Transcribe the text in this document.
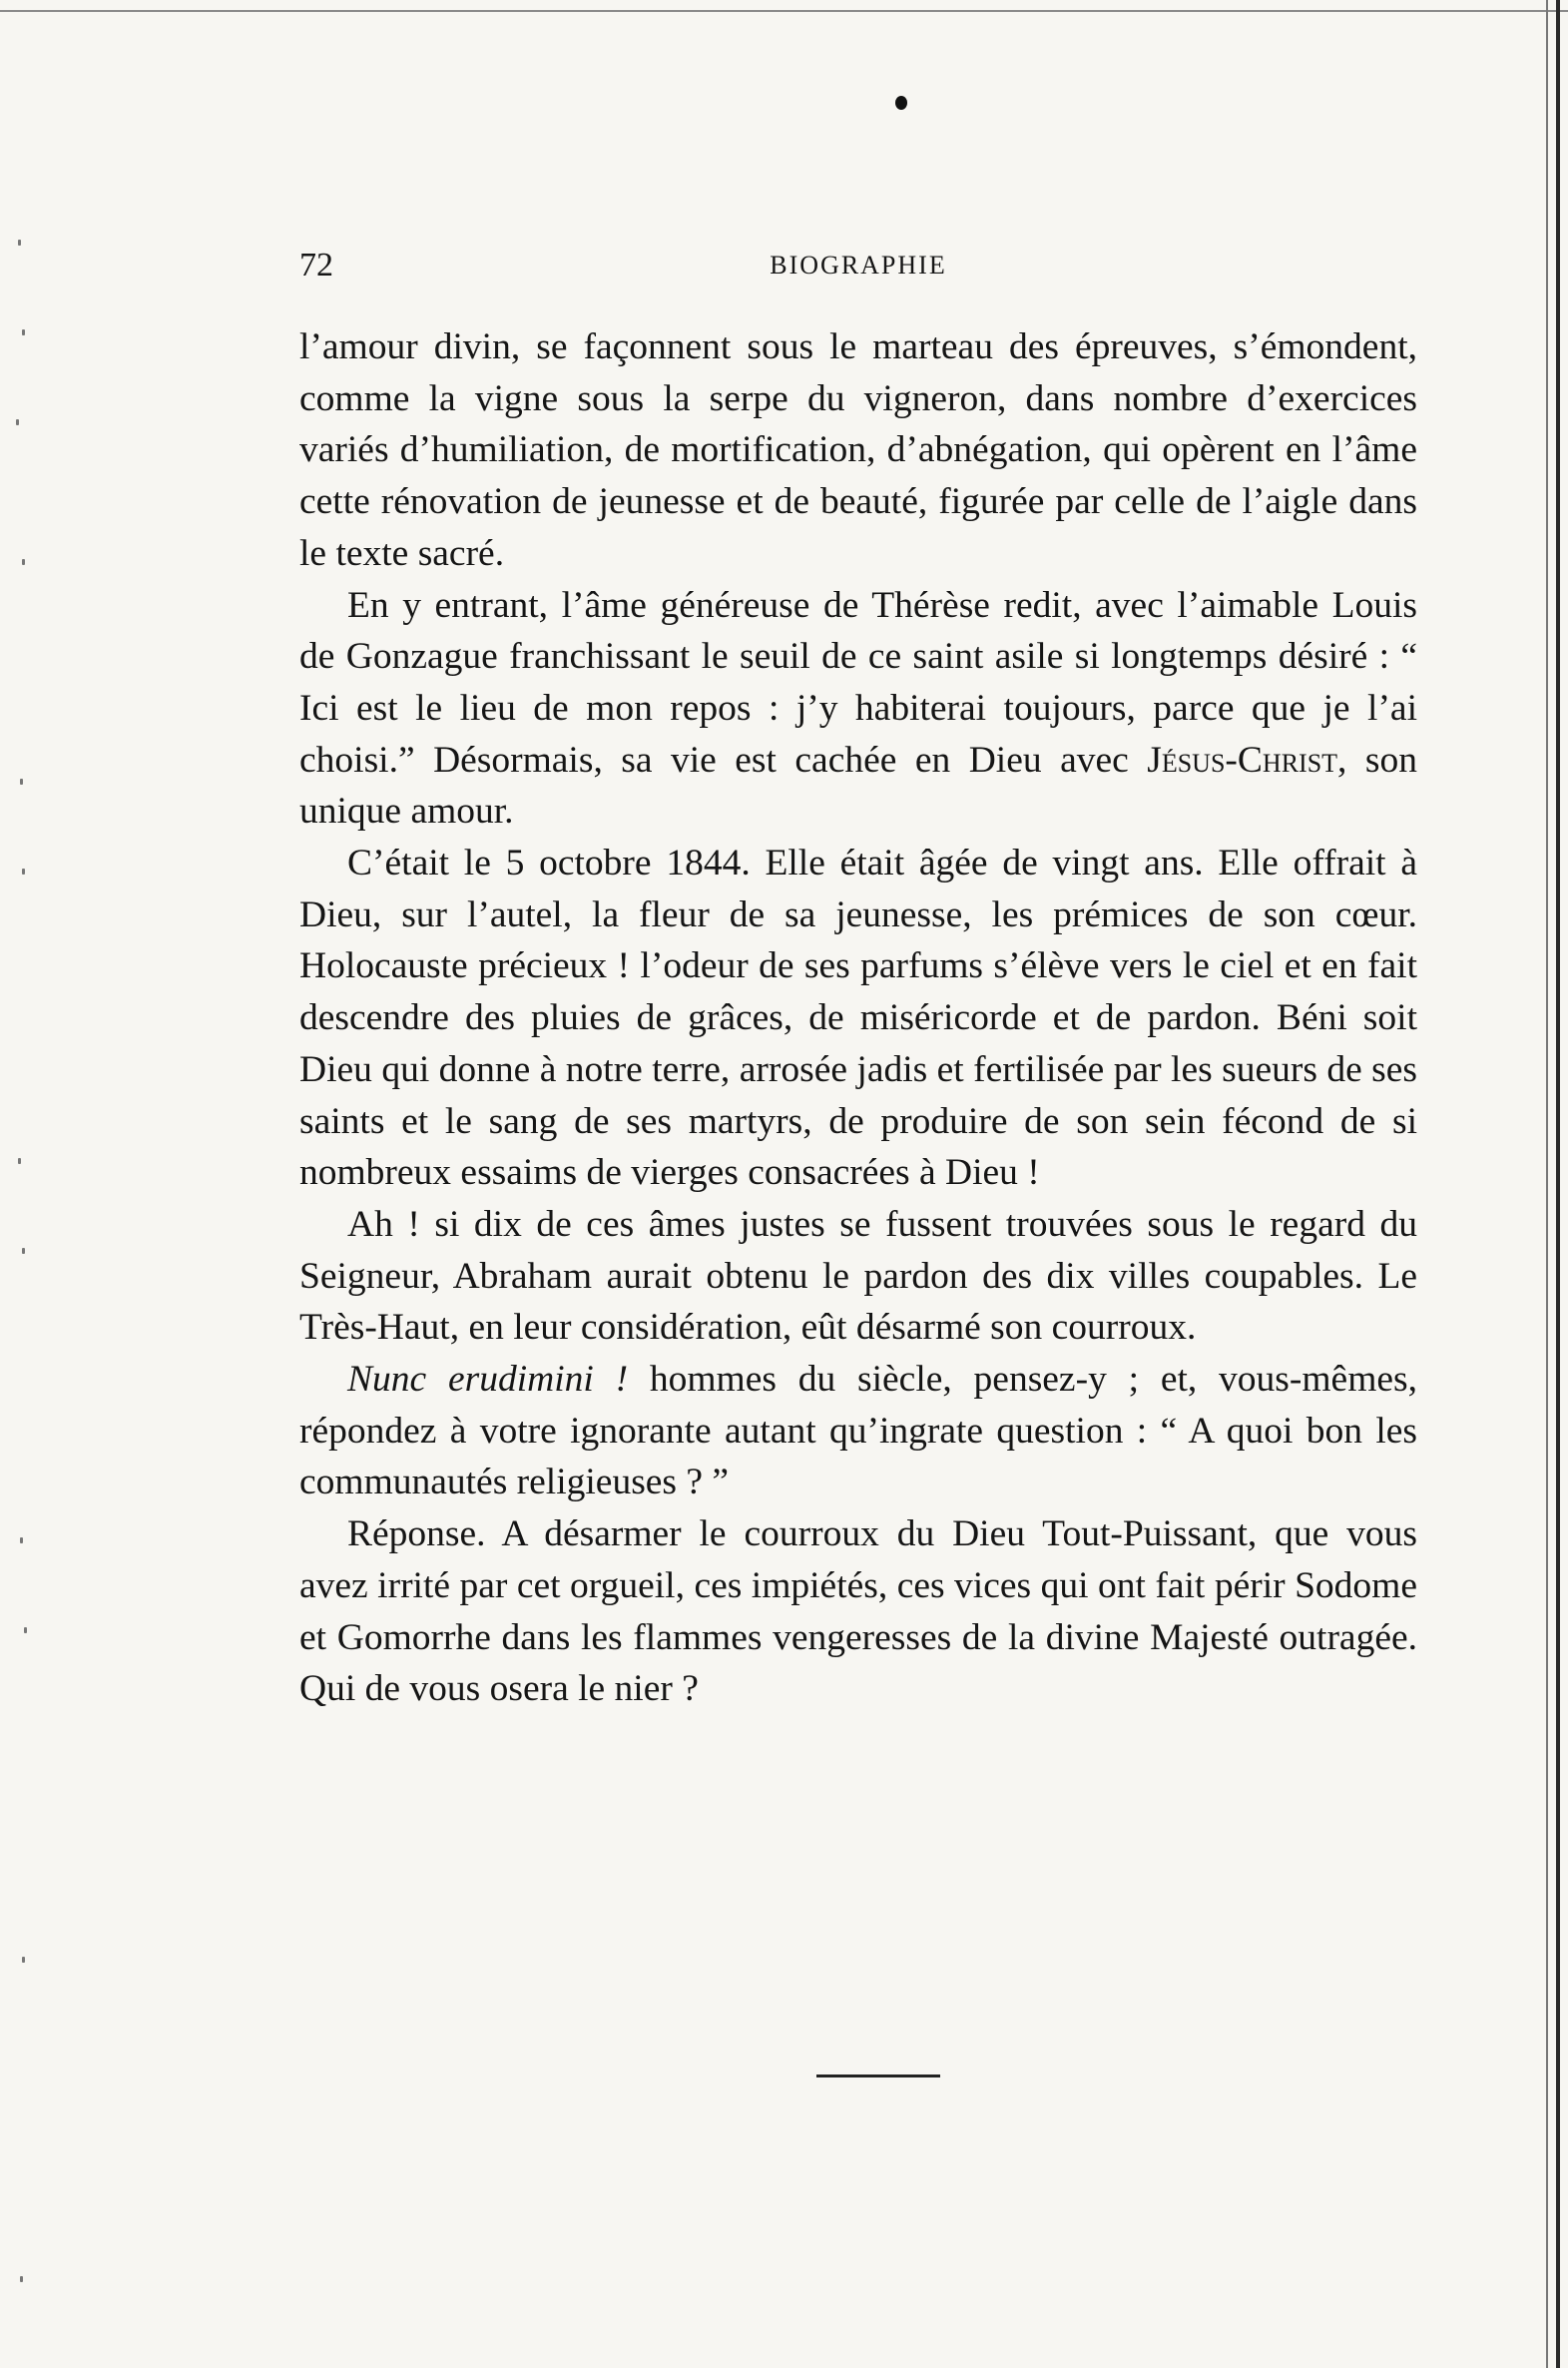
72	BIOGRAPHIE

l’amour divin, se façonnent sous le marteau des épreuves, s’émondent, comme la vigne sous la serpe du vigneron, dans nombre d’exercices variés d’humiliation, de mortification, d’abnégation, qui opèrent en l’âme cette rénovation de jeunesse et de beauté, figurée par celle de l’aigle dans le texte sacré.

En y entrant, l’âme généreuse de Thérèse redit, avec l’aimable Louis de Gonzague franchissant le seuil de ce saint asile si longtemps désiré : “ Ici est le lieu de mon repos : j’y habiterai toujours, parce que je l’ai choisi.” Désormais, sa vie est cachée en Dieu avec Jésus-Christ, son unique amour.

C’était le 5 octobre 1844. Elle était âgée de vingt ans. Elle offrait à Dieu, sur l’autel, la fleur de sa jeunesse, les prémices de son cœur. Holocauste précieux ! l’odeur de ses parfums s’élève vers le ciel et en fait descendre des pluies de grâces, de miséricorde et de pardon. Béni soit Dieu qui donne à notre terre, arrosée jadis et fertilisée par les sueurs de ses saints et le sang de ses martyrs, de produire de son sein fécond de si nombreux essaims de vierges consacrées à Dieu !

Ah ! si dix de ces âmes justes se fussent trouvées sous le regard du Seigneur, Abraham aurait obtenu le pardon des dix villes coupables. Le Très-Haut, en leur considération, eût désarmé son courroux.

Nunc erudimini ! hommes du siècle, pensez-y ; et, vous-mêmes, répondez à votre ignorante autant qu’ingrate question : “ A quoi bon les communautés religieuses ? ”

Réponse. A désarmer le courroux du Dieu Tout-Puissant, que vous avez irrité par cet orgueil, ces impiétés, ces vices qui ont fait périr Sodome et Gomorrhe dans les flammes vengeresses de la divine Majesté outragée. Qui de vous osera le nier ?
